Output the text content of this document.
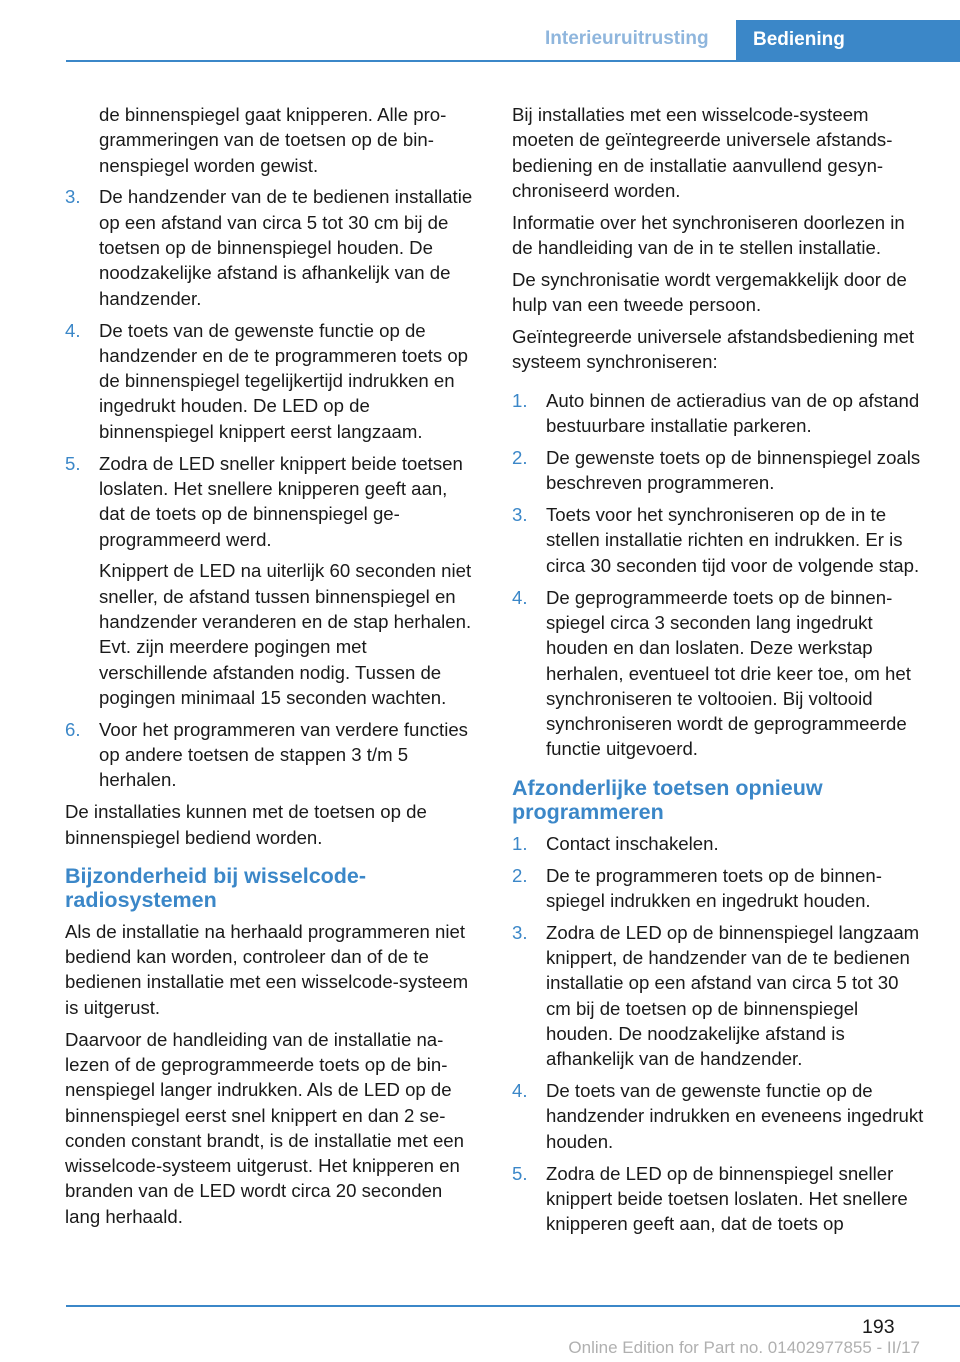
Interieuruitrusting Bediening
de binnenspiegel gaat knipperen. Alle programmeringen van de toetsen op de binnenspiegel worden gewist.
3. De handzender van de te bedienen installatie op een afstand van circa 5 tot 30 cm bij de toetsen op de binnenspiegel houden. De noodzakelijke afstand is afhankelijk van de handzender.
4. De toets van de gewenste functie op de handzender en de te programmeren toets op de binnenspiegel tegelijkertijd indrukken en ingedrukt houden. De LED op de binnenspiegel knippert eerst langzaam.
5. Zodra de LED sneller knippert beide toetsen loslaten. Het snellere knipperen geeft aan, dat de toets op de binnenspiegel geprogrammeerd werd.
Knippert de LED na uiterlijk 60 seconden niet sneller, de afstand tussen binnenspiegel en handzender veranderen en de stap herhalen. Evt. zijn meerdere pogingen met verschillende afstanden nodig. Tussen de pogingen minimaal 15 seconden wachten.
6. Voor het programmeren van verdere functies op andere toetsen de stappen 3 t/m 5 herhalen.

De installaties kunnen met de toetsen op de binnenspiegel bediend worden.

Bijzonderheid bij wisselcode-radiosystemen

Als de installatie na herhaald programmeren niet bediend kan worden, controleer dan of de te bedienen installatie met een wisselcode-systeem is uitgerust.

Daarvoor de handleiding van de installatie nalezen of de geprogrammeerde toets op de binnenspiegel langer indrukken. Als de LED op de binnenspiegel eerst snel knippert en dan 2 seconden constant brandt, is de installatie met een wisselcode-systeem uitgerust. Het knipperen en branden van de LED wordt circa 20 seconden lang herhaald.

Bij installaties met een wisselcode-systeem moeten de geïntegreerde universele afstandsbediening en de installatie aanvullend gesynchroniseerd worden.

Informatie over het synchroniseren doorlezen in de handleiding van de in te stellen installatie.

De synchronisatie wordt vergemakkelijk door de hulp van een tweede persoon.

Geïntegreerde universele afstandsbediening met systeem synchroniseren:

1. Auto binnen de actieradius van de op afstand bestuurbare installatie parkeren.
2. De gewenste toets op de binnenspiegel zoals beschreven programmeren.
3. Toets voor het synchroniseren op de in te stellen installatie richten en indrukken. Er is circa 30 seconden tijd voor de volgende stap.
4. De geprogrammeerde toets op de binnenspiegel circa 3 seconden lang ingedrukt houden en dan loslaten. Deze werkstap herhalen, eventueel tot drie keer toe, om het synchroniseren te voltooien. Bij voltooid synchroniseren wordt de geprogrammeerde functie uitgevoerd.
Afzonderlijke toetsen opnieuw programmeren
1. Contact inschakelen.
2. De te programmeren toets op de binnenspiegel indrukken en ingedrukt houden.
3. Zodra de LED op de binnenspiegel langzaam knippert, de handzender van de te bedienen installatie op een afstand van circa 5 tot 30 cm bij de toetsen op de binnenspiegel houden. De noodzakelijke afstand is afhankelijk van de handzender.
4. De toets van de gewenste functie op de handzender indrukken en eveneens ingedrukt houden.
5. Zodra de LED op de binnenspiegel sneller knippert beide toetsen loslaten. Het snellere knipperen geeft aan, dat de toets op
193
Online Edition for Part no. 01402977855 - II/17
